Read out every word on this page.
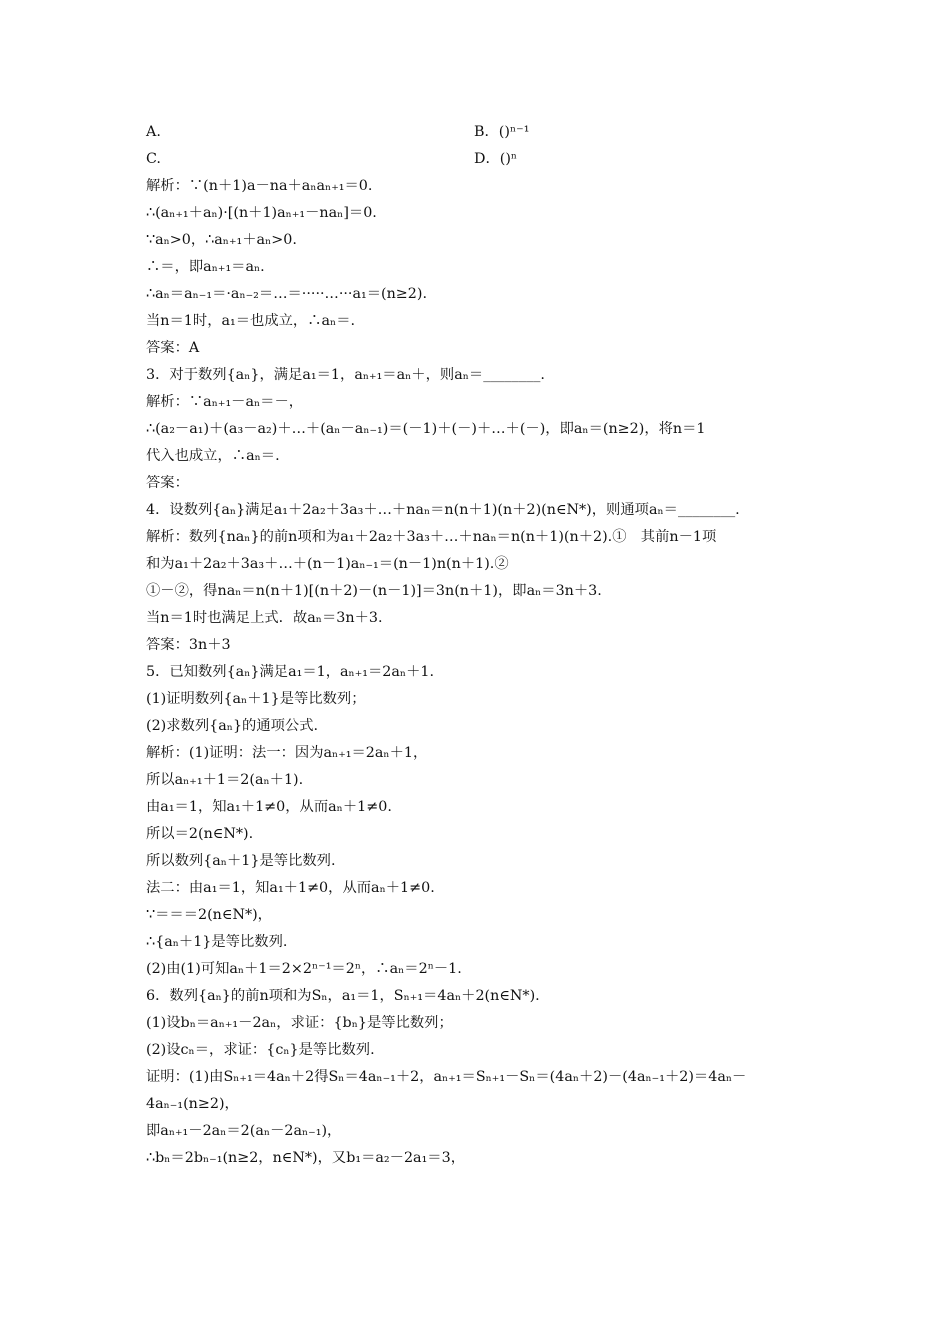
A.	B．()ⁿ⁻¹
C.	D．()ⁿ
解析：∵(n＋1)a－na＋aₙaₙ₊₁＝0.
∴(aₙ₊₁＋aₙ)·[(n＋1)aₙ₊₁－naₙ]＝0.
∵aₙ>0，∴aₙ₊₁＋aₙ>0.
∴＝，即aₙ₊₁＝aₙ.
∴aₙ＝aₙ₋₁＝·aₙ₋₂＝…＝·····…···a₁＝(n≥2).
当n＝1时，a₁＝也成立，∴aₙ＝.
答案：A
3．对于数列{aₙ}，满足a₁＝1，aₙ₊₁＝aₙ＋，则aₙ＝________.
解析：∵aₙ₊₁－aₙ＝－，
∴(a₂－a₁)＋(a₃－a₂)＋…＋(aₙ－aₙ₋₁)＝(－1)＋(－)＋…＋(－)，即aₙ＝(n≥2)，将n＝1
代入也成立，∴aₙ＝.
答案：
4．设数列{aₙ}满足a₁＋2a₂＋3a₃＋…＋naₙ＝n(n＋1)(n＋2)(n∈N*)，则通项aₙ＝________.
解析：数列{naₙ}的前n项和为a₁＋2a₂＋3a₃＋…＋naₙ＝n(n＋1)(n＋2).①　其前n－1项
和为a₁＋2a₂＋3a₃＋…＋(n－1)aₙ₋₁＝(n－1)n(n＋1).②
①－②，得naₙ＝n(n＋1)[(n＋2)－(n－1)]＝3n(n＋1)，即aₙ＝3n＋3.
当n＝1时也满足上式．故aₙ＝3n＋3.
答案：3n＋3
5．已知数列{aₙ}满足a₁＝1，aₙ₊₁＝2aₙ＋1.
(1)证明数列{aₙ＋1}是等比数列；
(2)求数列{aₙ}的通项公式.
解析：(1)证明：法一：因为aₙ₊₁＝2aₙ＋1，
所以aₙ₊₁＋1＝2(aₙ＋1).
由a₁＝1，知a₁＋1≠0，从而aₙ＋1≠0.
所以＝2(n∈N*).
所以数列{aₙ＋1}是等比数列.
法二：由a₁＝1，知a₁＋1≠0，从而aₙ＋1≠0.
∵＝＝＝2(n∈N*)，
∴{aₙ＋1}是等比数列.
(2)由(1)可知aₙ＋1＝2×2ⁿ⁻¹＝2ⁿ，∴aₙ＝2ⁿ－1.
6．数列{aₙ}的前n项和为Sₙ，a₁＝1，Sₙ₊₁＝4aₙ＋2(n∈N*).
(1)设bₙ＝aₙ₊₁－2aₙ，求证：{bₙ}是等比数列；
(2)设cₙ＝，求证：{cₙ}是等比数列.
证明：(1)由Sₙ₊₁＝4aₙ＋2得Sₙ＝4aₙ₋₁＋2，aₙ₊₁＝Sₙ₊₁－Sₙ＝(4aₙ＋2)－(4aₙ₋₁＋2)＝4aₙ－
4aₙ₋₁(n≥2)，
即aₙ₊₁－2aₙ＝2(aₙ－2aₙ₋₁)，
∴bₙ＝2bₙ₋₁(n≥2，n∈N*)，又b₁＝a₂－2a₁＝3，
